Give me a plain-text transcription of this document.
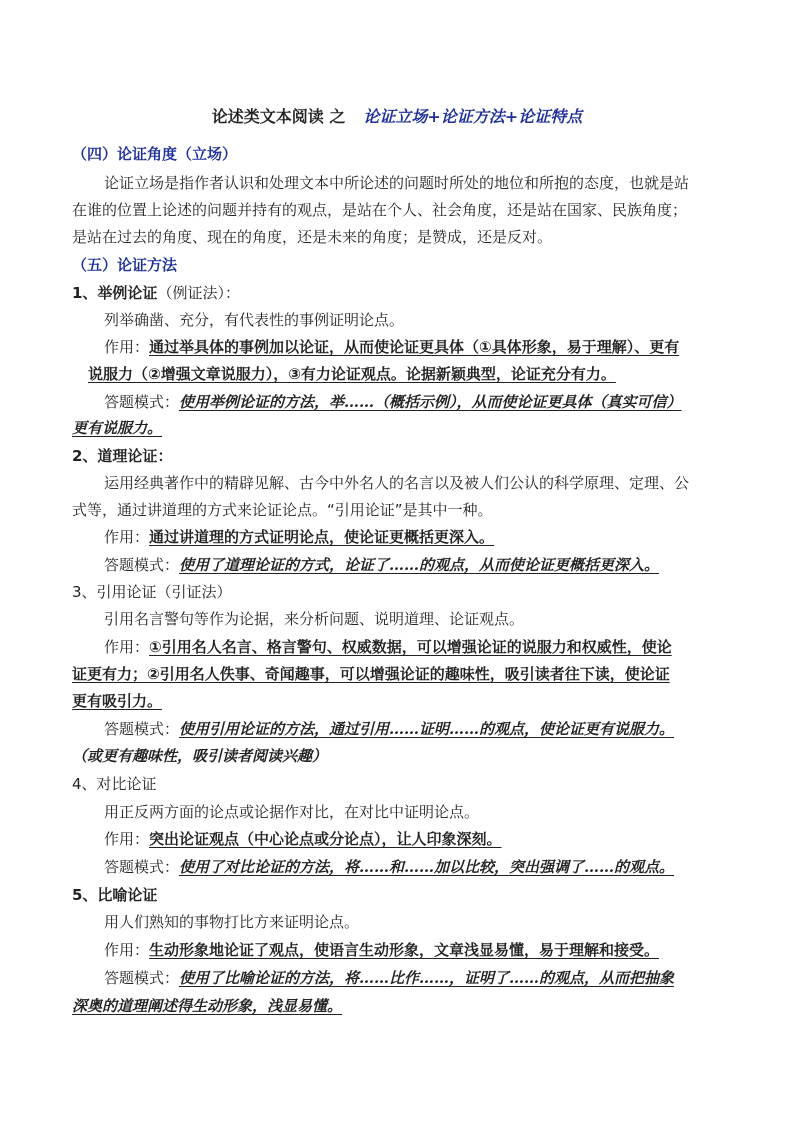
论述类文本阅读 之 论证立场+论证方法+论证特点
（四）论证角度（立场）
论证立场是指作者认识和处理文本中所论述的问题时所处的地位和所抱的态度，也就是站
在谁的位置上论述的问题并持有的观点，是站在个人、社会角度，还是站在国家、民族角度；
是站在过去的角度、现在的角度，还是未来的角度；是赞成，还是反对。
（五）论证方法
1、举例论证（例证法）：
列举确凿、充分，有代表性的事例证明论点。
作用：通过举具体的事例加以论证，从而使论证更具体（①具体形象，易于理解）、更有
说服力（②增强文章说服力），③有力论证观点。论据新颖典型，论证充分有力。
答题模式：使用举例论证的方法，举……（概括示例），从而使论证更具体（真实可信）
更有说服力。
2、道理论证：
运用经典著作中的精辟见解、古今中外名人的名言以及被人们公认的科学原理、定理、公
式等，通过讲道理的方式来论证论点。“引用论证”是其中一种。
作用：通过讲道理的方式证明论点，使论证更概括更深入。
答题模式：使用了道理论证的方式，论证了……的观点，从而使论证更概括更深入。
3、引用论证（引证法）
引用名言警句等作为论据，来分析问题、说明道理、论证观点。
作用：①引用名人名言、格言警句、权威数据，可以增强论证的说服力和权威性，使论
证更有力；②引用名人佚事、奇闻趣事，可以增强论证的趣味性，吸引读者往下读，使论证
更有吸引力。
答题模式：使用引用论证的方法，通过引用……证明……的观点，使论证更有说服力。
（或更有趣味性，吸引读者阅读兴趣）
4、对比论证
用正反两方面的论点或论据作对比，在对比中证明论点。
作用：突出论证观点（中心论点或分论点），让人印象深刻。
答题模式：使用了对比论证的方法，将……和……加以比较，突出强调了……的观点。
5、比喻论证
用人们熟知的事物打比方来证明论点。
作用：生动形象地论证了观点，使语言生动形象，文章浅显易懂，易于理解和接受。
答题模式：使用了比喻论证的方法，将……比作……，证明了……的观点，从而把抽象
深奥的道理阐述得生动形象，浅显易懂。
